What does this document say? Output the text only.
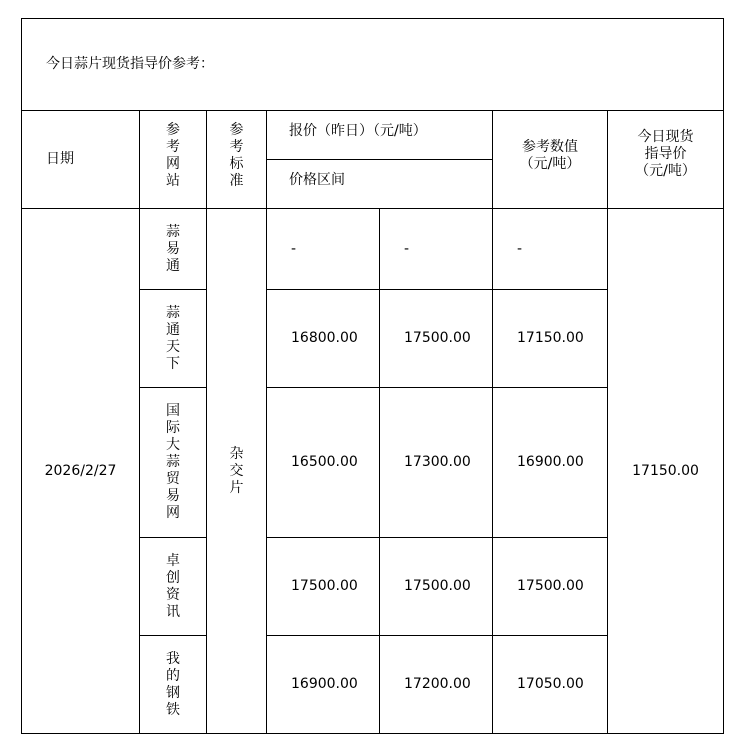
今日蒜片现货指导价参考：						
日期	参考网站	参考标准	报价（昨日）（元/吨）		参考数值（元/吨）	今日现货指导价（元/吨）

			价格区间			
2026/2/27	蒜易通	杂交片	-	-	-	17150.00

	蒜通天下		16800.00	17500.00	17150.00	

	国际大蒜贸易网		16500.00	17300.00	16900.00	

	卓创资讯		17500.00	17500.00	17500.00	

	我的钢铁		16900.00	17200.00	17050.00	
